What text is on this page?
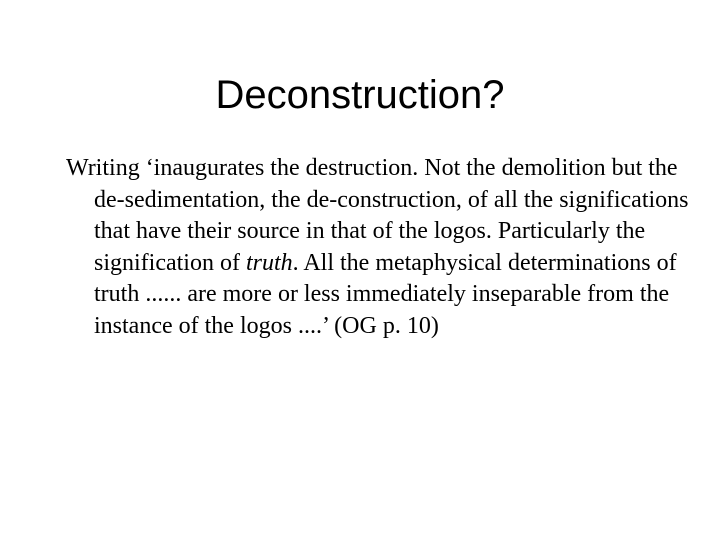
Deconstruction?

Writing ‘inaugurates the destruction. Not the demolition but the de-sedimentation, the de-construction, of all the significations that have their source in that of the logos. Particularly the signification of truth. All the metaphysical determinations of truth ...... are more or less immediately inseparable from the instance of the logos ....’ (OG p. 10)
